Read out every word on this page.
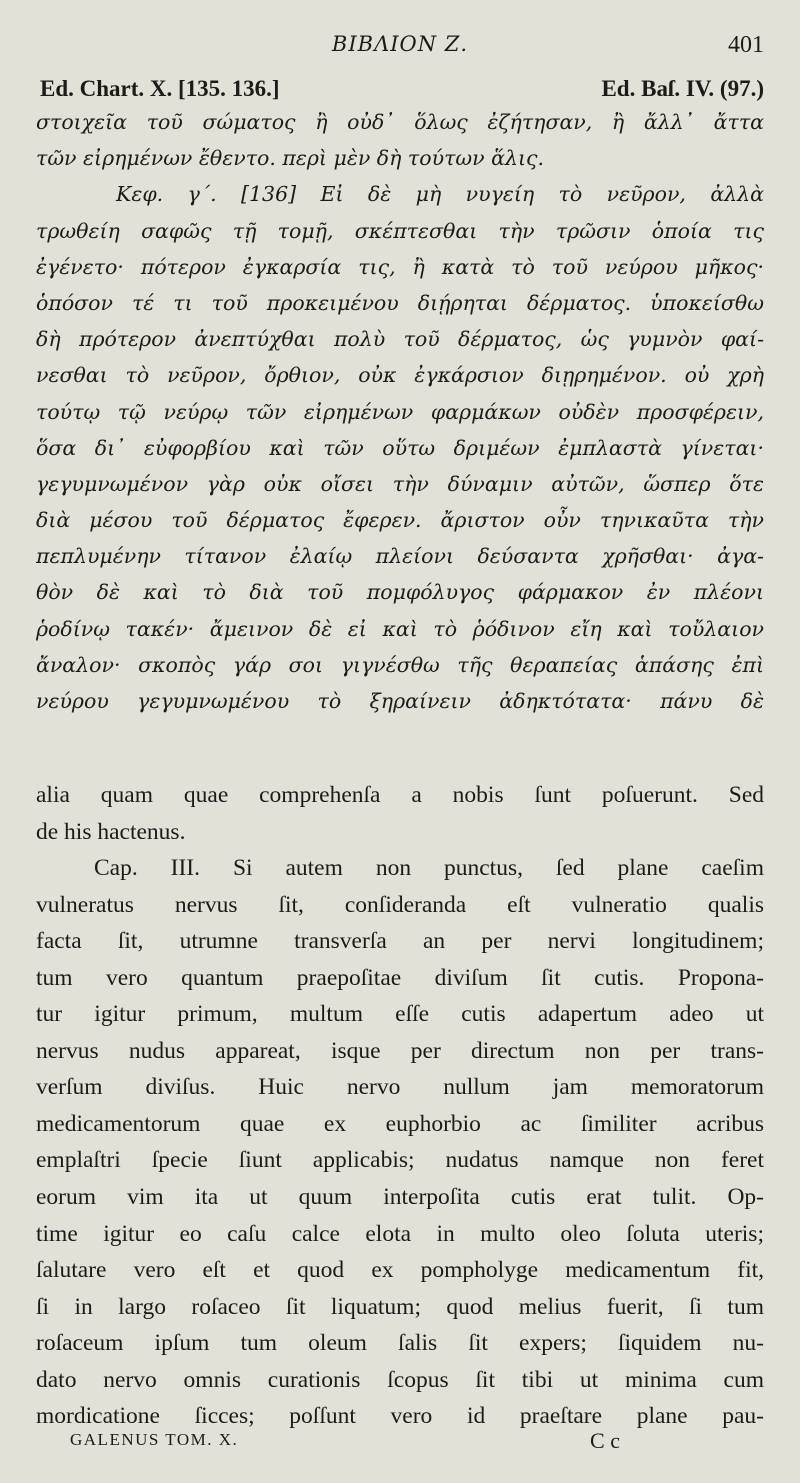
ΒΙΒΛΙΟΝ Ζ.	401
Ed. Chart. X. [135. 136.]	Ed. Baſ. IV. (97.)
στοιχεῖα τοῦ σώματος ἢ οὐδ᾽ ὅλως ἐζήτησαν, ἢ ἄλλ᾽ ἄττα
τῶν εἰρημένων ἔθεντο. περὶ μὲν δὴ τούτων ἅλις.
Κεφ. γ΄. [136] Εἰ δὲ μὴ νυγείη τὸ νεῦρον, ἀλλὰ
τρωθείη σαφῶς τῇ τομῇ, σκέπτεσθαι τὴν τρῶσιν ὁποία τις
ἐγένετο· πότερον ἐγκαρσία τις, ἢ κατὰ τὸ τοῦ νεύρου μῆκος·
ὁπόσον τέ τι τοῦ προκειμένου διῄρηται δέρματος. ὑποκείσθω
δὴ πρότερον ἀνεπτύχθαι πολὺ τοῦ δέρματος, ὡς γυμνὸν φαί-
νεσθαι τὸ νεῦρον, ὄρθιον, οὐκ ἐγκάρσιον διῃρημένον. οὐ χρὴ
τούτῳ τῷ νεύρῳ τῶν εἰρημένων φαρμάκων οὐδὲν προσφέρειν,
ὅσα δι᾽ εὐφορβίου καὶ τῶν οὕτω δριμέων ἐμπλαστὰ γίνεται·
γεγυμνωμένον γὰρ οὐκ οἴσει τὴν δύναμιν αὐτῶν, ὥσπερ ὅτε
διὰ μέσου τοῦ δέρματος ἔφερεν. ἄριστον οὖν τηνικαῦτα τὴν
πεπλυμένην τίτανον ἐλαίῳ πλείονι δεύσαντα χρῆσθαι· ἀγα-
θὸν δὲ καὶ τὸ διὰ τοῦ πομφόλυγος φάρμακον ἐν πλέονι
ῥοδίνῳ τακέν· ἄμεινον δὲ εἰ καὶ τὸ ῥόδινον εἴη καὶ τοὔλαιον
ἄναλον· σκοπὸς γάρ σοι γιγνέσθω τῆς θεραπείας ἁπάσης ἐπὶ
νεύρου γεγυμνωμένου τὸ ξηραίνειν ἀδηκτότατα· πάνυ δὲ
alia quam quae comprehenſa a nobis ſunt poſuerunt. Sed
de his hactenus.
Cap. III. Si autem non punctus, ſed plane caeſim
vulneratus nervus ſit, conſideranda eſt vulneratio qualis
facta ſit, utrumne transverſa an per nervi longitudinem;
tum vero quantum praepoſitae diviſum ſit cutis. Propona-
tur igitur primum, multum eſſe cutis adapertum adeo ut
nervus nudus appareat, isque per directum non per trans-
verſum diviſus. Huic nervo nullum jam memoratorum
medicamentorum quae ex euphorbio ac ſimiliter acribus
emplaſtri ſpecie ſiunt applicabis; nudatus namque non feret
eorum vim ita ut quum interpoſita cutis erat tulit. Op-
time igitur eo caſu calce elota in multo oleo ſoluta uteris;
ſalutare vero eſt et quod ex pompholyge medicamentum fit,
ſi in largo roſaceo ſit liquatum; quod melius fuerit, ſi tum
roſaceum ipſum tum oleum ſalis ſit expers; ſiquidem nu-
dato nervo omnis curationis ſcopus ſit tibi ut minima cum
mordicatione ſicces; poſſunt vero id praeſtare plane pau-
GALENUS TOM. X.	C c
